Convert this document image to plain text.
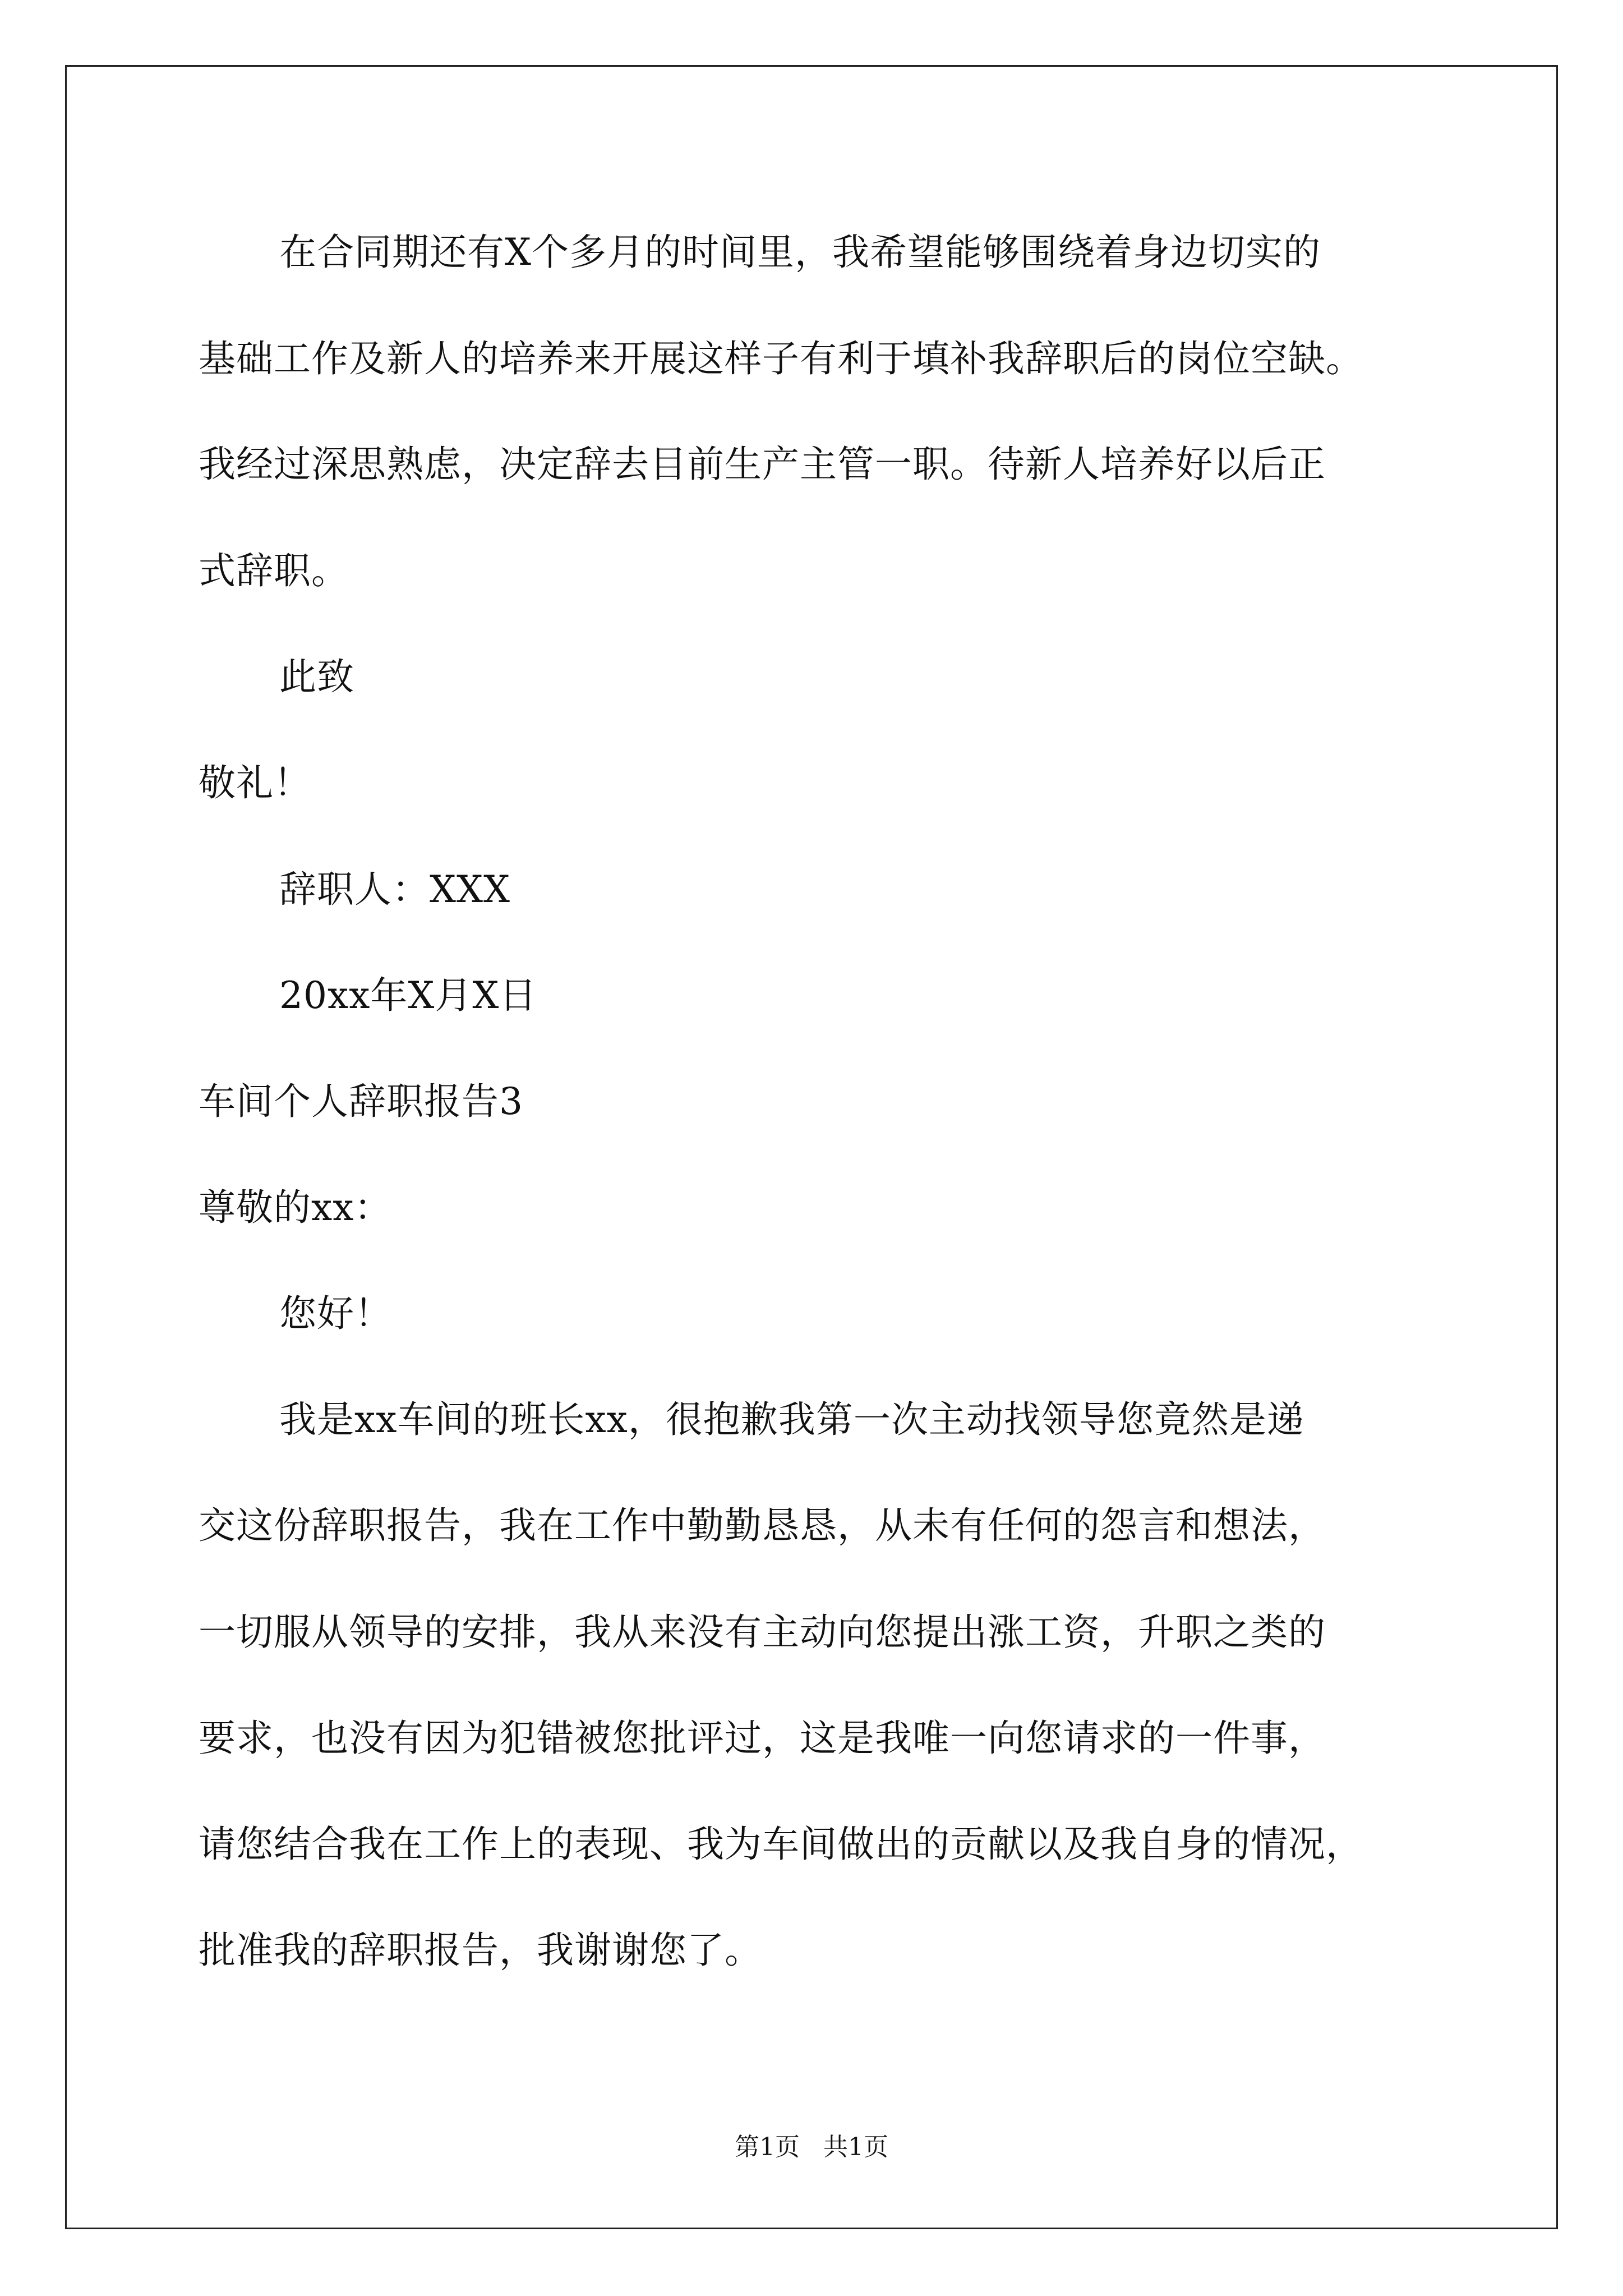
在合同期还有X个多月的时间里，我希望能够围绕着身边切实的
基础工作及新人的培养来开展这样子有利于填补我辞职后的岗位空缺。
我经过深思熟虑，决定辞去目前生产主管一职。待新人培养好以后正
式辞职。
此致
敬礼！
辞职人：XXX
20xx年X月X日
车间个人辞职报告3
尊敬的xx：
您好！
我是xx车间的班长xx，很抱歉我第一次主动找领导您竟然是递
交这份辞职报告，我在工作中勤勤恳恳，从未有任何的怨言和想法，
一切服从领导的安排，我从来没有主动向您提出涨工资，升职之类的
要求，也没有因为犯错被您批评过，这是我唯一向您请求的一件事，
请您结合我在工作上的表现、我为车间做出的贡献以及我自身的情况，
批准我的辞职报告，我谢谢您了。
第1页   共1页
